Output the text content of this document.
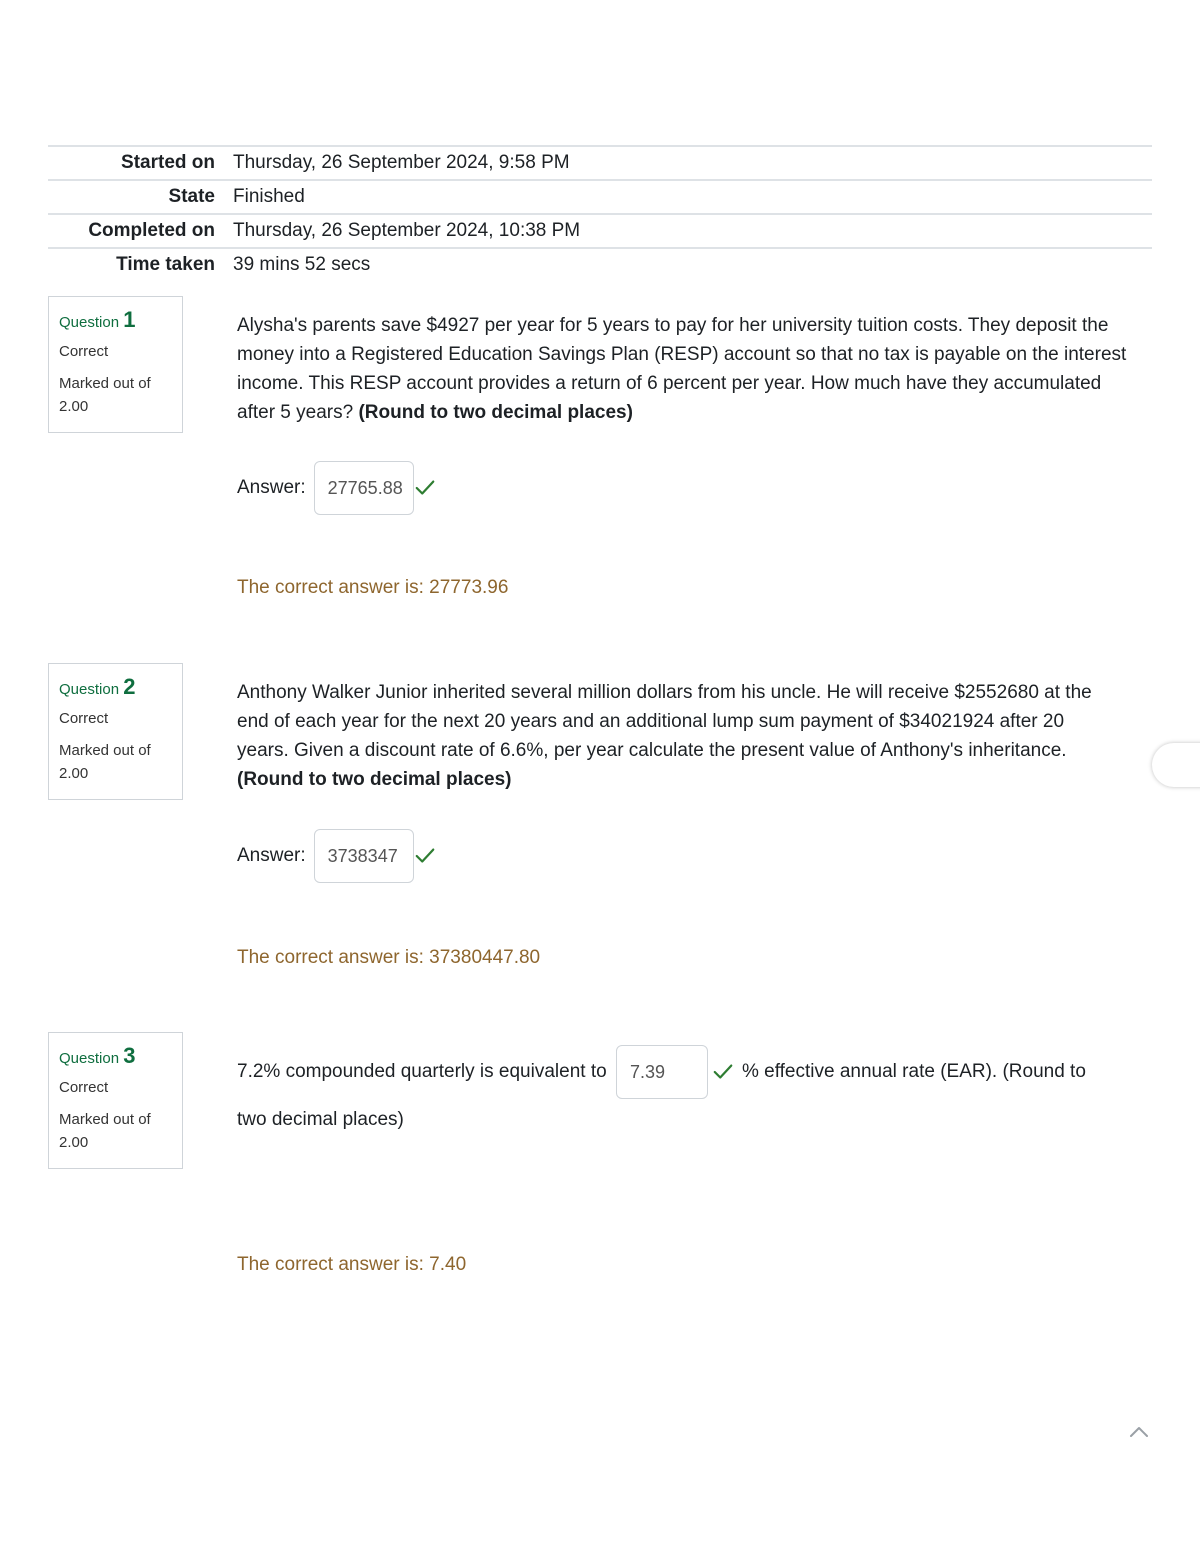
Started on Thursday, 26 September 2024, 9:58 PM
State Finished
Completed on Thursday, 26 September 2024, 10:38 PM
Time taken 39 mins 52 secs
Question 1
Correct
Marked out of 2.00
Alysha's parents save $4927 per year for 5 years to pay for her university tuition costs. They deposit the money into a Registered Education Savings Plan (RESP) account so that no tax is payable on the interest income. This RESP account provides a return of 6 percent per year. How much have they accumulated after 5 years? (Round to two decimal places)
Answer:	27765.88
The correct answer is: 27773.96
Question 2
Correct
Marked out of 2.00
Anthony Walker Junior inherited several million dollars from his uncle. He will receive $2552680 at the end of each year for the next 20 years and an additional lump sum payment of $34021924 after 20 years. Given a discount rate of 6.6%, per year calculate the present value of Anthony's inheritance. (Round to two decimal places)
Answer:	3738347
The correct answer is: 37380447.80
Question 3
Correct
Marked out of 2.00
7.2% compounded quarterly is equivalent to 7.39	% effective annual rate (EAR). (Round to two decimal places)
The correct answer is: 7.40
